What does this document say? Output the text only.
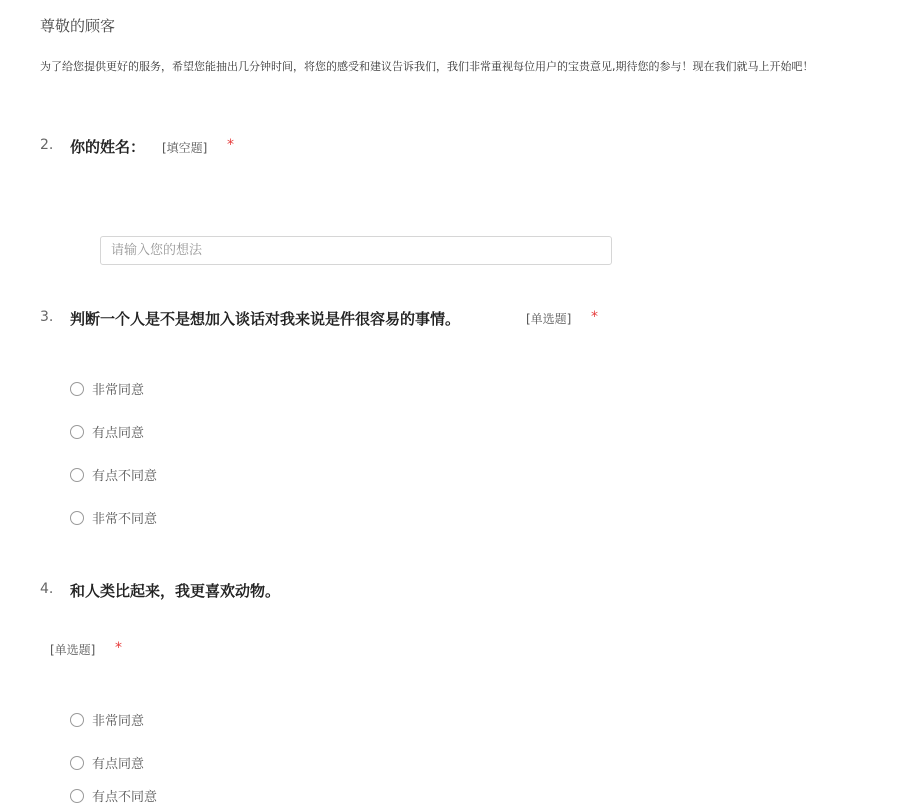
尊敬的顾客
为了给您提供更好的服务，希望您能抽出几分钟时间，将您的感受和建议告诉我们，我们非常重视每位用户的宝贵意见,期待您的参与！现在我们就马上开始吧！
2. 你的姓名： [填空题] *
请输入您的想法
3. 判断一个人是不是想加入谈话对我来说是件很容易的事情。	[单选题] *
非常同意
有点同意
有点不同意
非常不同意
4. 和人类比起来，我更喜欢动物。
[单选题] *
非常同意
有点同意
有点不同意
